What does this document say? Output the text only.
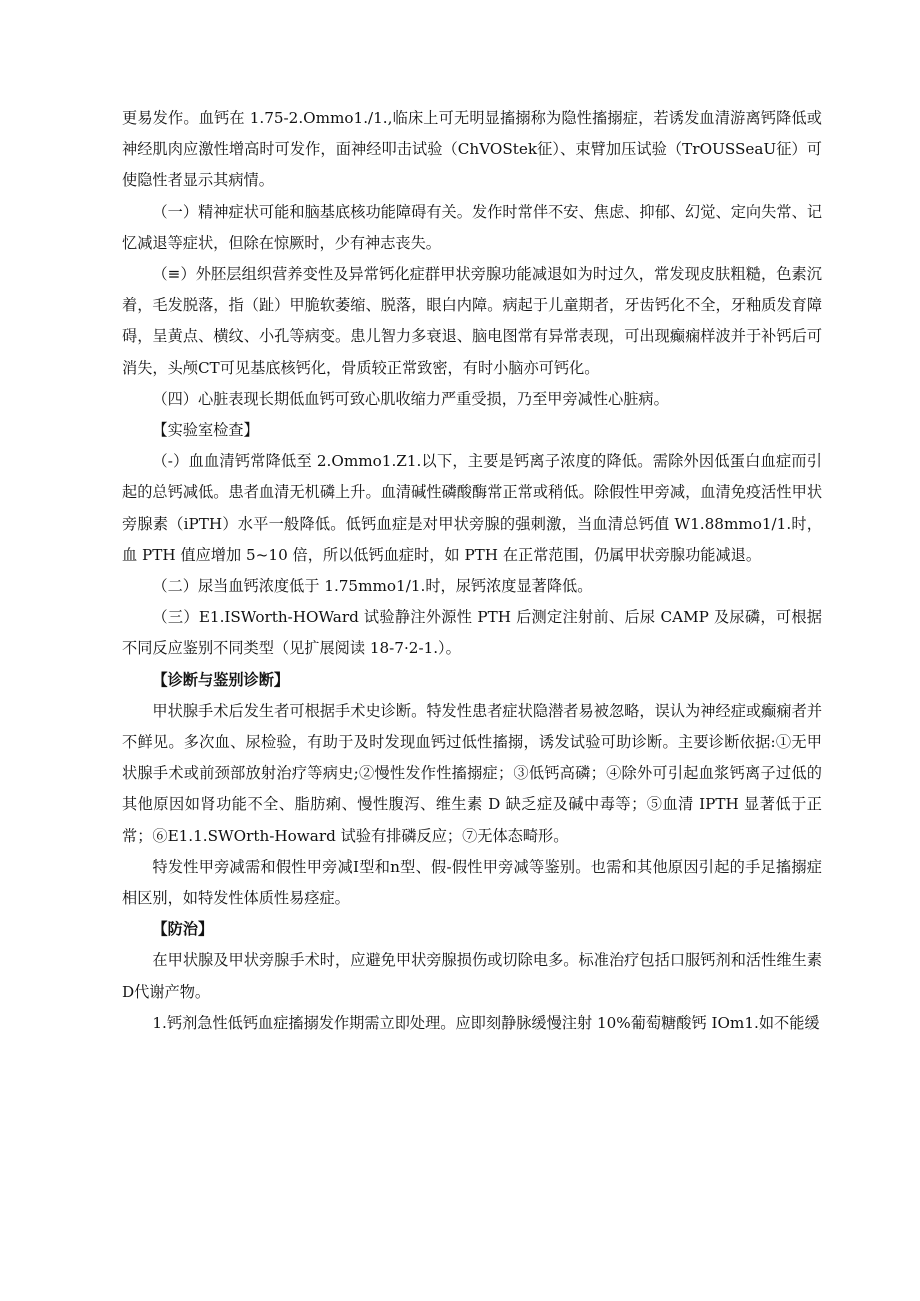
更易发作。血钙在 1.75-2.Ommo1./1.,临床上可无明显搐搦称为隐性搐搦症，若诱发血清游离钙降低或神经肌肉应激性增高时可发作，面神经叩击试验（ChVOStek征）、束臂加压试验（TrOUSSeaU征）可使隐性者显示其病情。

（一）精神症状可能和脑基底核功能障碍有关。发作时常伴不安、焦虑、抑郁、幻觉、定向失常、记忆减退等症状，但除在惊厥时，少有神志丧失。

（≡）外胚层组织营养变性及异常钙化症群甲状旁腺功能减退如为时过久，常发现皮肤粗糙，色素沉着，毛发脱落，指（趾）甲脆软萎缩、脱落，眼白内障。病起于儿童期者，牙齿钙化不全，牙釉质发育障碍，呈黄点、横纹、小孔等病变。患儿智力多衰退、脑电图常有异常表现，可出现癫痫样波并于补钙后可消失，头颅CT可见基底核钙化，骨质较正常致密，有时小脑亦可钙化。

（四）心脏表现长期低血钙可致心肌收缩力严重受损，乃至甲旁减性心脏病。

【实验室检查】

（-）血血清钙常降低至 2.Ommo1.Z1.以下，主要是钙离子浓度的降低。需除外因低蛋白血症而引起的总钙减低。患者血清无机磷上升。血清碱性磷酸酶常正常或稍低。除假性甲旁减，血清免疫活性甲状旁腺素（iPTH）水平一般降低。低钙血症是对甲状旁腺的强刺激，当血清总钙值 W1.88mmo1∕1.时，血 PTH 值应增加 5~10 倍，所以低钙血症时，如 PTH 在正常范围，仍属甲状旁腺功能减退。

（二）尿当血钙浓度低于 1.75mmo1∕1.时，尿钙浓度显著降低。

（三）E1.ISWorth-HOWard 试验静注外源性 PTH 后测定注射前、后尿 CAMP 及尿磷，可根据不同反应鉴别不同类型（见扩展阅读 18-7·2-1.）。

【诊断与鉴别诊断】

甲状腺手术后发生者可根据手术史诊断。特发性患者症状隐潜者易被忽略，误认为神经症或癫痫者并不鲜见。多次血、尿检验，有助于及时发现血钙过低性搐搦，诱发试验可助诊断。主要诊断依据:①无甲状腺手术或前颈部放射治疗等病史;②慢性发作性搐搦症；③低钙高磷；④除外可引起血浆钙离子过低的其他原因如肾功能不全、脂肪痢、慢性腹泻、维生素 D 缺乏症及碱中毒等；⑤血清 IPTH 显著低于正常；⑥E1.1.SWOrth-Howard 试验有排磷反应；⑦无体态畸形。

特发性甲旁减需和假性甲旁减Ⅰ型和n型、假-假性甲旁减等鉴别。也需和其他原因引起的手足搐搦症相区别，如特发性体质性易痉症。

【防治】

在甲状腺及甲状旁腺手术时，应避免甲状旁腺损伤或切除电多。标准治疗包括口服钙剂和活性维生素D代谢产物。

1.钙剂急性低钙血症搐搦发作期需立即处理。应即刻静脉缓慢注射 10%葡萄糖酸钙 IOm1.如不能缓
